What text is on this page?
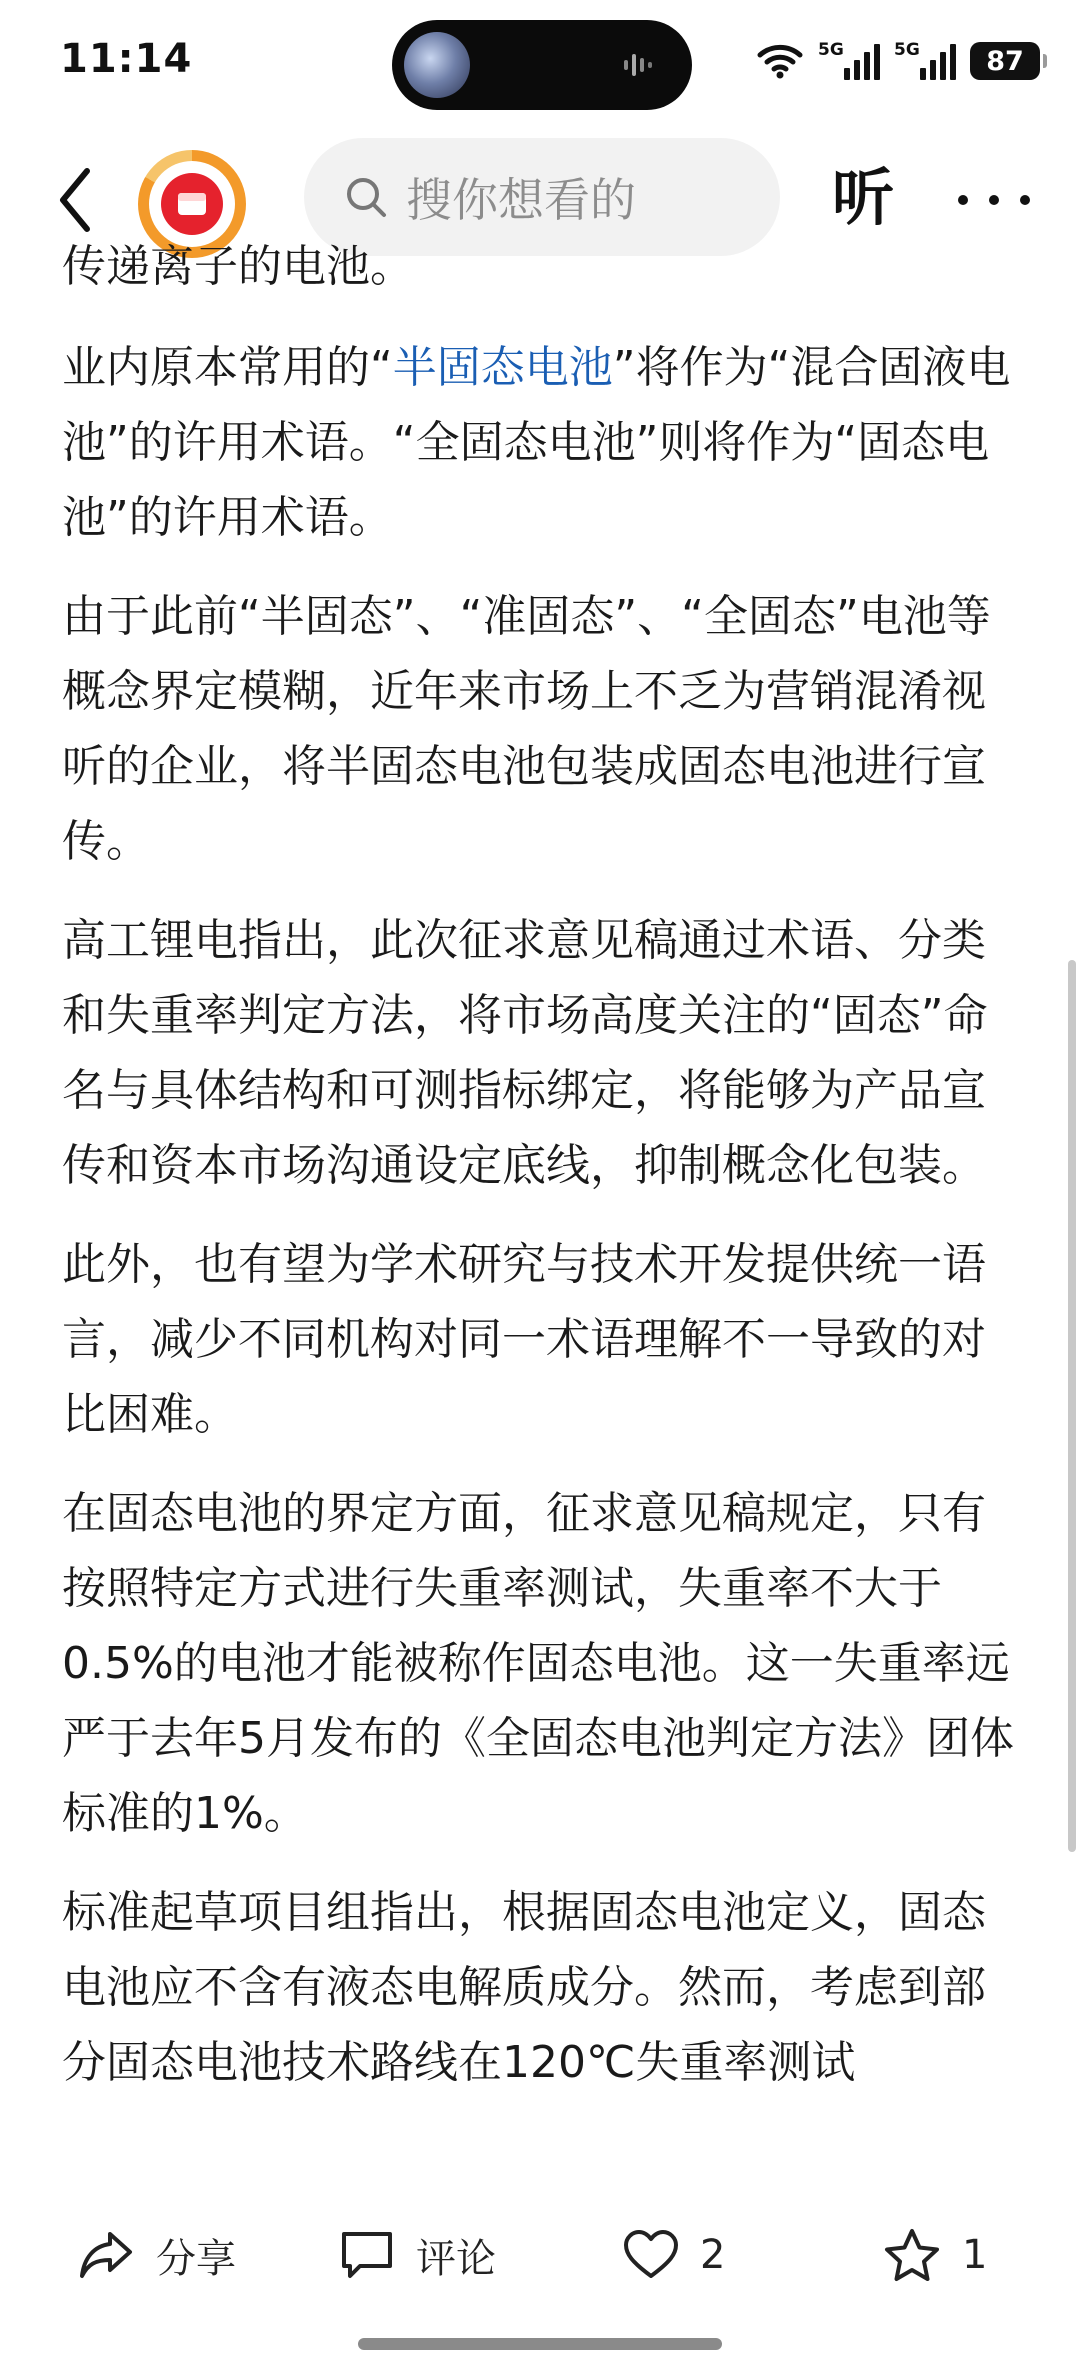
11:14	5G	5G	87
搜你想看的	听
传递离子的电池。

业内原本常用的“半固态电池”将作为“混合固液电池”的许用术语。“全固态电池”则将作为“固态电池”的许用术语。

由于此前“半固态”、“准固态”、“全固态”电池等概念界定模糊，近年来市场上不乏为营销混淆视听的企业，将半固态电池包装成固态电池进行宣传。

高工锂电指出，此次征求意见稿通过术语、分类和失重率判定方法，将市场高度关注的“固态”命名与具体结构和可测指标绑定，将能够为产品宣传和资本市场沟通设定底线，抑制概念化包装。

此外，也有望为学术研究与技术开发提供统一语言，减少不同机构对同一术语理解不一导致的对比困难。

在固态电池的界定方面，征求意见稿规定，只有按照特定方式进行失重率测试，失重率不大于0.5%的电池才能被称作固态电池。这一失重率远严于去年5月发布的《全固态电池判定方法》团体标准的1%。

标准起草项目组指出，根据固态电池定义，固态电池应不含有液态电解质成分。然而，考虑到部分固态电池技术路线在120℃失重率测试

分享	评论	2	1
